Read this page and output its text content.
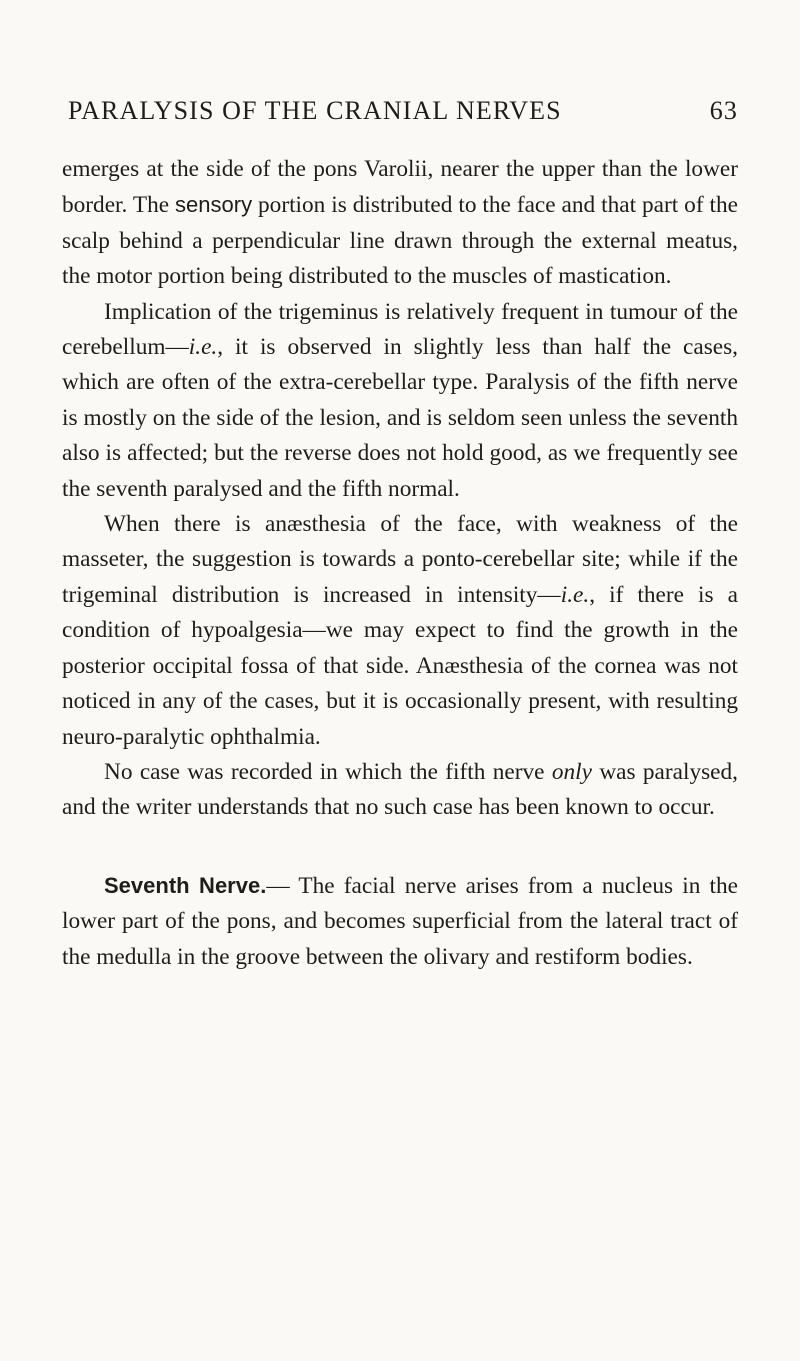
PARALYSIS OF THE CRANIAL NERVES	63

emerges at the side of the pons Varolii, nearer the upper than the lower border. The sensory portion is distributed to the face and that part of the scalp behind a perpendicular line drawn through the external meatus, the motor portion being distributed to the muscles of mastication.

Implication of the trigeminus is relatively frequent in tumour of the cerebellum—i.e., it is observed in slightly less than half the cases, which are often of the extra-cerebellar type. Paralysis of the fifth nerve is mostly on the side of the lesion, and is seldom seen unless the seventh also is affected; but the reverse does not hold good, as we frequently see the seventh paralysed and the fifth normal.

When there is anæsthesia of the face, with weakness of the masseter, the suggestion is towards a ponto-cerebellar site; while if the trigeminal distribution is increased in intensity—i.e., if there is a condition of hypoalgesia—we may expect to find the growth in the posterior occipital fossa of that side. Anæsthesia of the cornea was not noticed in any of the cases, but it is occasionally present, with resulting neuro-paralytic ophthalmia.

No case was recorded in which the fifth nerve only was paralysed, and the writer understands that no such case has been known to occur.

Seventh Nerve.— The facial nerve arises from a nucleus in the lower part of the pons, and becomes superficial from the lateral tract of the medulla in the groove between the olivary and restiform bodies.
